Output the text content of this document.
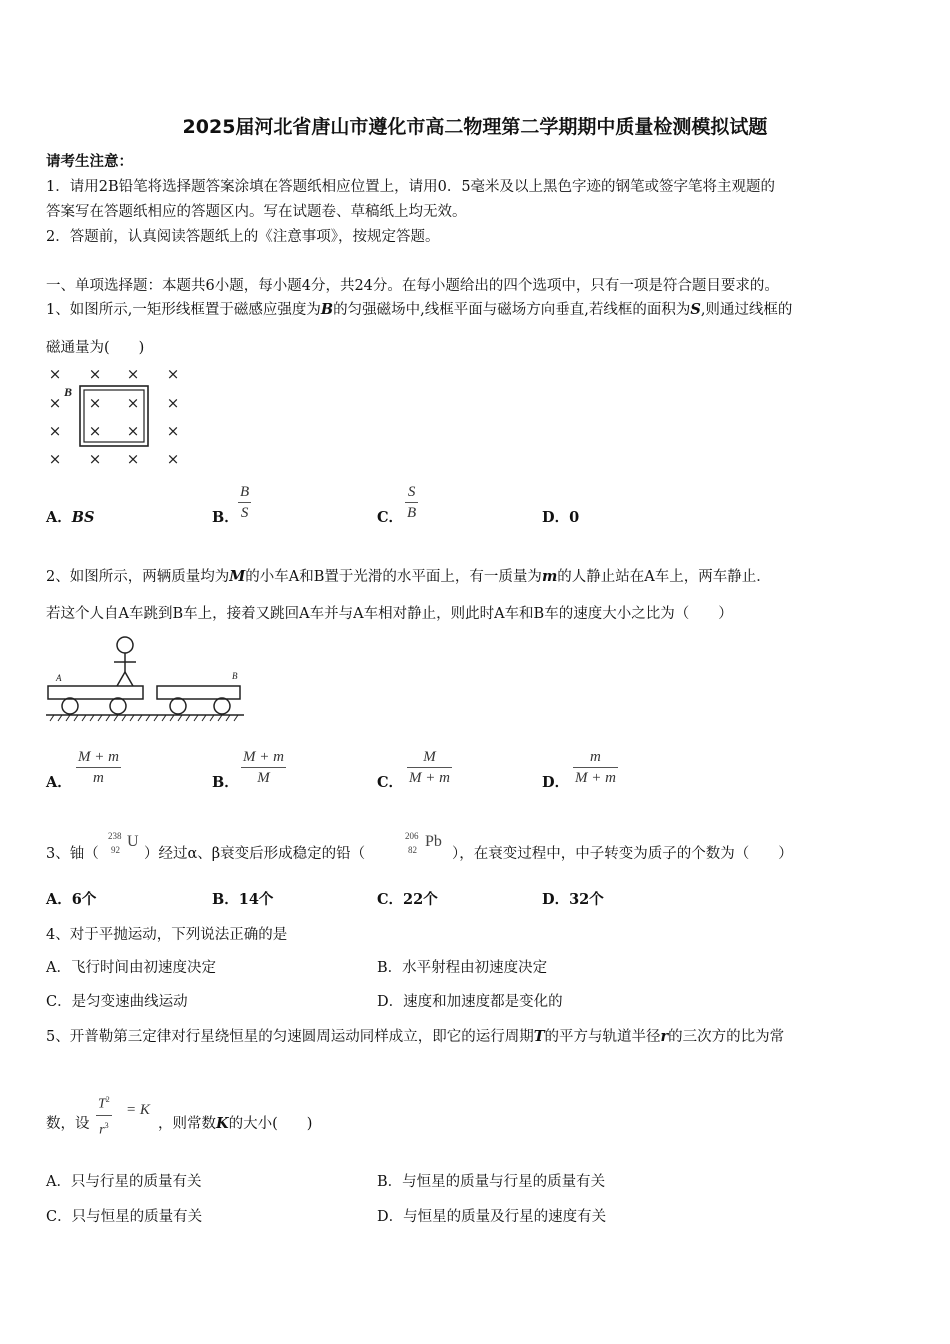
2025届河北省唐山市遵化市高二物理第二学期期中质量检测模拟试题
请考生注意：
1．请用2B铅笔将选择题答案涂填在答题纸相应位置上，请用0．5毫米及以上黑色字迹的钢笔或签字笔将主观题的
答案写在答题纸相应的答题区内。写在试题卷、草稿纸上均无效。
2．答题前，认真阅读答题纸上的《注意事项》，按规定答题。
一、单项选择题：本题共6小题，每小题4分，共24分。在每小题给出的四个选项中，只有一项是符合题目要求的。
1、如图所示,一矩形线框置于磁感应强度为B的匀强磁场中,线框平面与磁场方向垂直,若线框的面积为S,则通过线框的
磁通量为(　　)
× × × ×
× × × ×
× × × ×
× × × ×
B
A．BS	B．
B
S	C．
S
B	D．0
2、如图所示，两辆质量均为M的小车A和B置于光滑的水平面上，有一质量为m的人静止站在A车上，两车静止．
若这个人自A车跳到B车上，接着又跳回A车并与A车相对静止，则此时A车和B车的速度大小之比为（　　）
A	B
A．
M + m
m	B．
M + m
M	C．
M
M + m	D．
m
M + m
3、铀（
238
92 U
）经过α、β衰变后形成稳定的铅（
206
82 Pb
），在衰变过程中，中子转变为质子的个数为（　　）
A．6个	B．14个	C．22个	D．32个
4、对于平抛运动，下列说法正确的是
A．飞行时间由初速度决定	B．水平射程由初速度决定
C．是匀变速曲线运动	D．速度和加速度都是变化的
5、开普勒第三定律对行星绕恒星的匀速圆周运动同样成立，即它的运行周期T的平方与轨道半径r的三次方的比为常
数，设
$T^2$
$r^3$
= K
，则常数K的大小(　　)
A．只与行星的质量有关	B．与恒星的质量与行星的质量有关
C．只与恒星的质量有关	D．与恒星的质量及行星的速度有关
